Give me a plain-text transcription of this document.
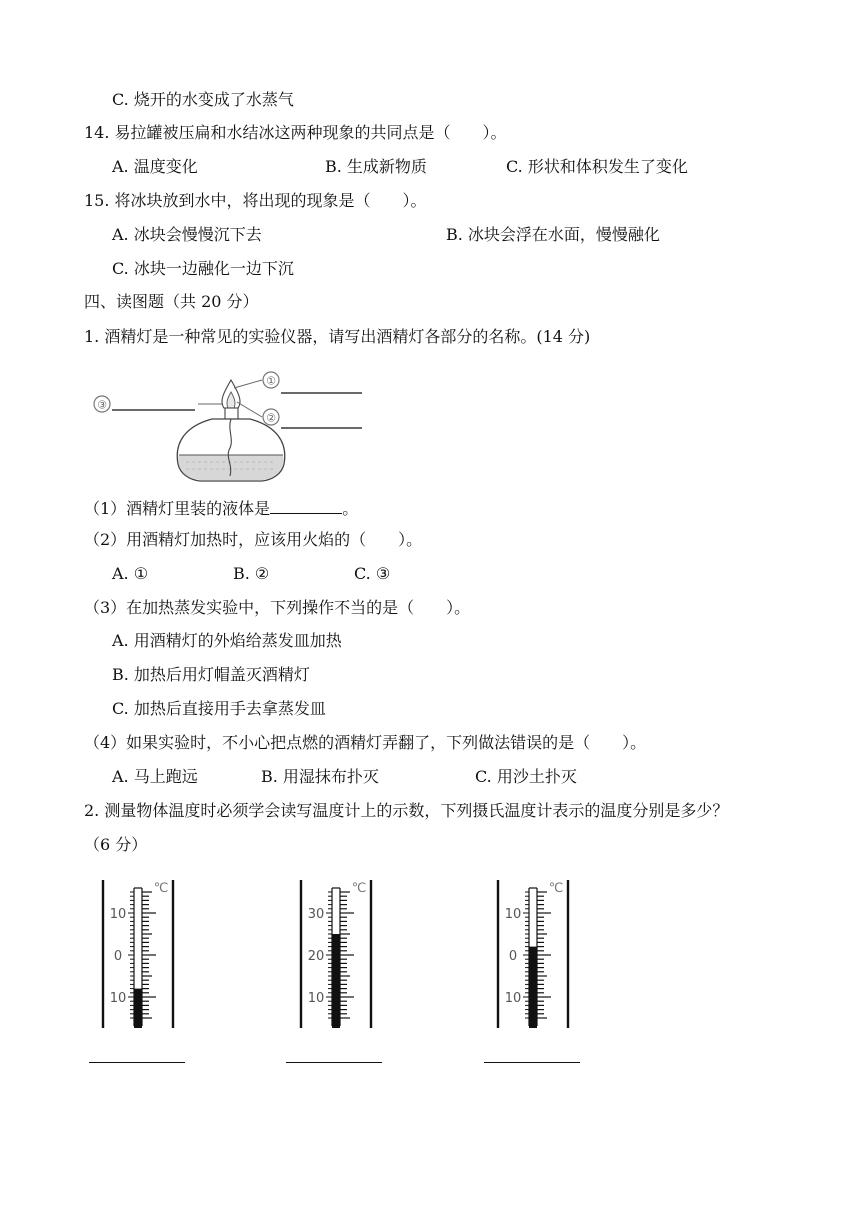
C. 烧开的水变成了水蒸气
14. 易拉罐被压扁和水结冰这两种现象的共同点是（　　）。
A. 温度变化	B. 生成新物质	C. 形状和体积发生了变化
15. 将冰块放到水中，将出现的现象是（　　）。
A. 冰块会慢慢沉下去	B. 冰块会浮在水面，慢慢融化
C. 冰块一边融化一边下沉
四、读图题（共 20 分）
1. 酒精灯是一种常见的实验仪器，请写出酒精灯各部分的名称。(14 分)
③
①
②
（1）酒精灯里装的液体是	。
（2）用酒精灯加热时，应该用火焰的（　　）。
A. ①	B. ②	C. ③
（3）在加热蒸发实验中，下列操作不当的是（　　）。
A. 用酒精灯的外焰给蒸发皿加热
B. 加热后用灯帽盖灭酒精灯
C. 加热后直接用手去拿蒸发皿
（4）如果实验时，不小心把点燃的酒精灯弄翻了，下列做法错误的是（　　）。
A. 马上跑远	B. 用湿抹布扑灭	C. 用沙土扑灭
2. 测量物体温度时必须学会读写温度计上的示数，下列摄氏温度计表示的温度分别是多少？
（6 分）
℃
10
0
10
℃
30
20
10
℃
10
0
10
